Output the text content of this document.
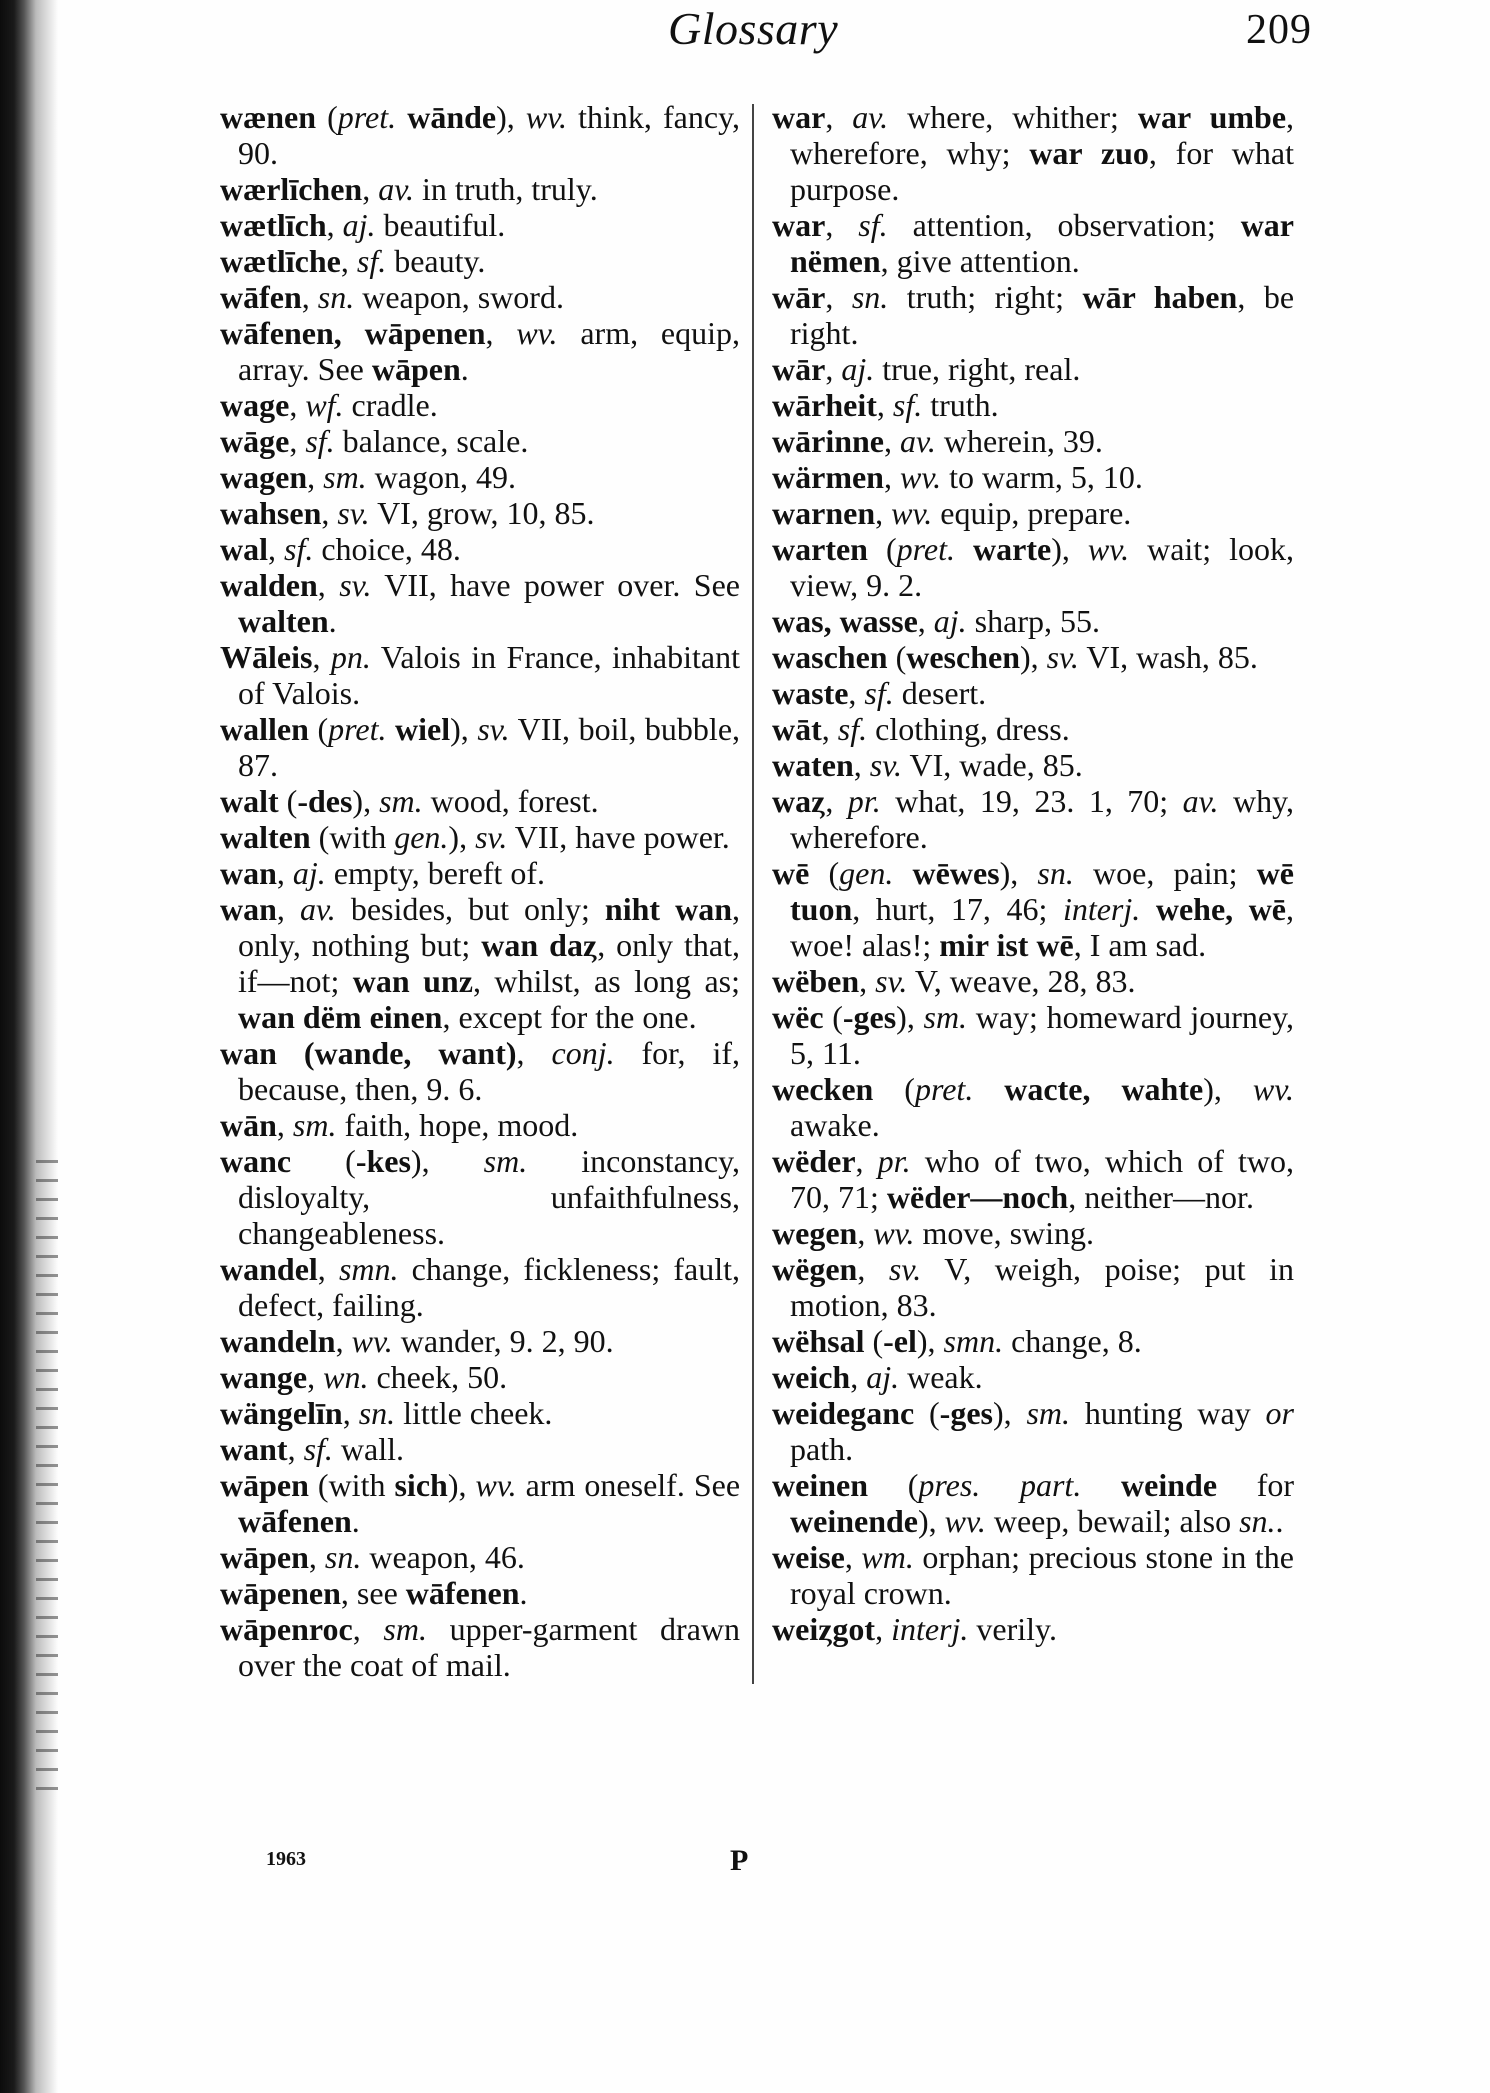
Glossary	209
wænen (pret. wānde), wv. think, fancy, 90.
wærlīchen, av. in truth, truly.
wætlīch, aj. beautiful.
wætlīche, sf. beauty.
wāfen, sn. weapon, sword.
wāfenen, wāpenen, wv. arm, equip, array. See wāpen.
wage, wf. cradle.
wāge, sf. balance, scale.
wagen, sm. wagon, 49.
wahsen, sv. VI, grow, 10, 85.
wal, sf. choice, 48.
walden, sv. VII, have power over. See walten.
Wāleis, pn. Valois in France, inhabitant of Valois.
wallen (pret. wiel), sv. VII, boil, bubble, 87.
walt (-des), sm. wood, forest.
walten (with gen.), sv. VII, have power.
wan, aj. empty, bereft of.
wan, av. besides, but only; niht wan, only, nothing but; wan daȥ, only that, if—not; wan unz, whilst, as long as; wan dëm einen, except for the one.
wan (wande, want), conj. for, if, because, then, 9. 6.
wān, sm. faith, hope, mood.
wanc (-kes), sm. inconstancy, disloyalty, unfaithfulness, changeableness.
wandel, smn. change, fickleness; fault, defect, failing.
wandeln, wv. wander, 9. 2, 90.
wange, wn. cheek, 50.
wängelīn, sn. little cheek.
want, sf. wall.
wāpen (with sich), wv. arm oneself. See wāfenen.
wāpen, sn. weapon, 46.
wāpenen, see wāfenen.
wāpenroc, sm. upper-garment drawn over the coat of mail.
war, av. where, whither; war umbe, wherefore, why; war zuo, for what purpose.
war, sf. attention, observation; war nëmen, give attention.
wār, sn. truth; right; wār haben, be right.
wār, aj. true, right, real.
wārheit, sf. truth.
wārinne, av. wherein, 39.
wärmen, wv. to warm, 5, 10.
warnen, wv. equip, prepare.
warten (pret. warte), wv. wait; look, view, 9. 2.
was, wasse, aj. sharp, 55.
waschen (weschen), sv. VI, wash, 85.
waste, sf. desert.
wāt, sf. clothing, dress.
waten, sv. VI, wade, 85.
waȥ, pr. what, 19, 23. 1, 70; av. why, wherefore.
wē (gen. wēwes), sn. woe, pain; wē tuon, hurt, 17, 46; interj. wehe, wē, woe! alas!; mir ist wē, I am sad.
wëben, sv. V, weave, 28, 83.
wëc (-ges), sm. way; homeward journey, 5, 11.
wecken (pret. wacte, wahte), wv. awake.
wëder, pr. who of two, which of two, 70, 71; wëder—noch, neither—nor.
wegen, wv. move, swing.
wëgen, sv. V, weigh, poise; put in motion, 83.
wëhsal (-el), smn. change, 8.
weich, aj. weak.
weideganc (-ges), sm. hunting way or path.
weinen (pres. part. weinde for weinende), wv. weep, bewail; also sn..
weise, wm. orphan; precious stone in the royal crown.
weiȥgot, interj. verily.
1963	P
